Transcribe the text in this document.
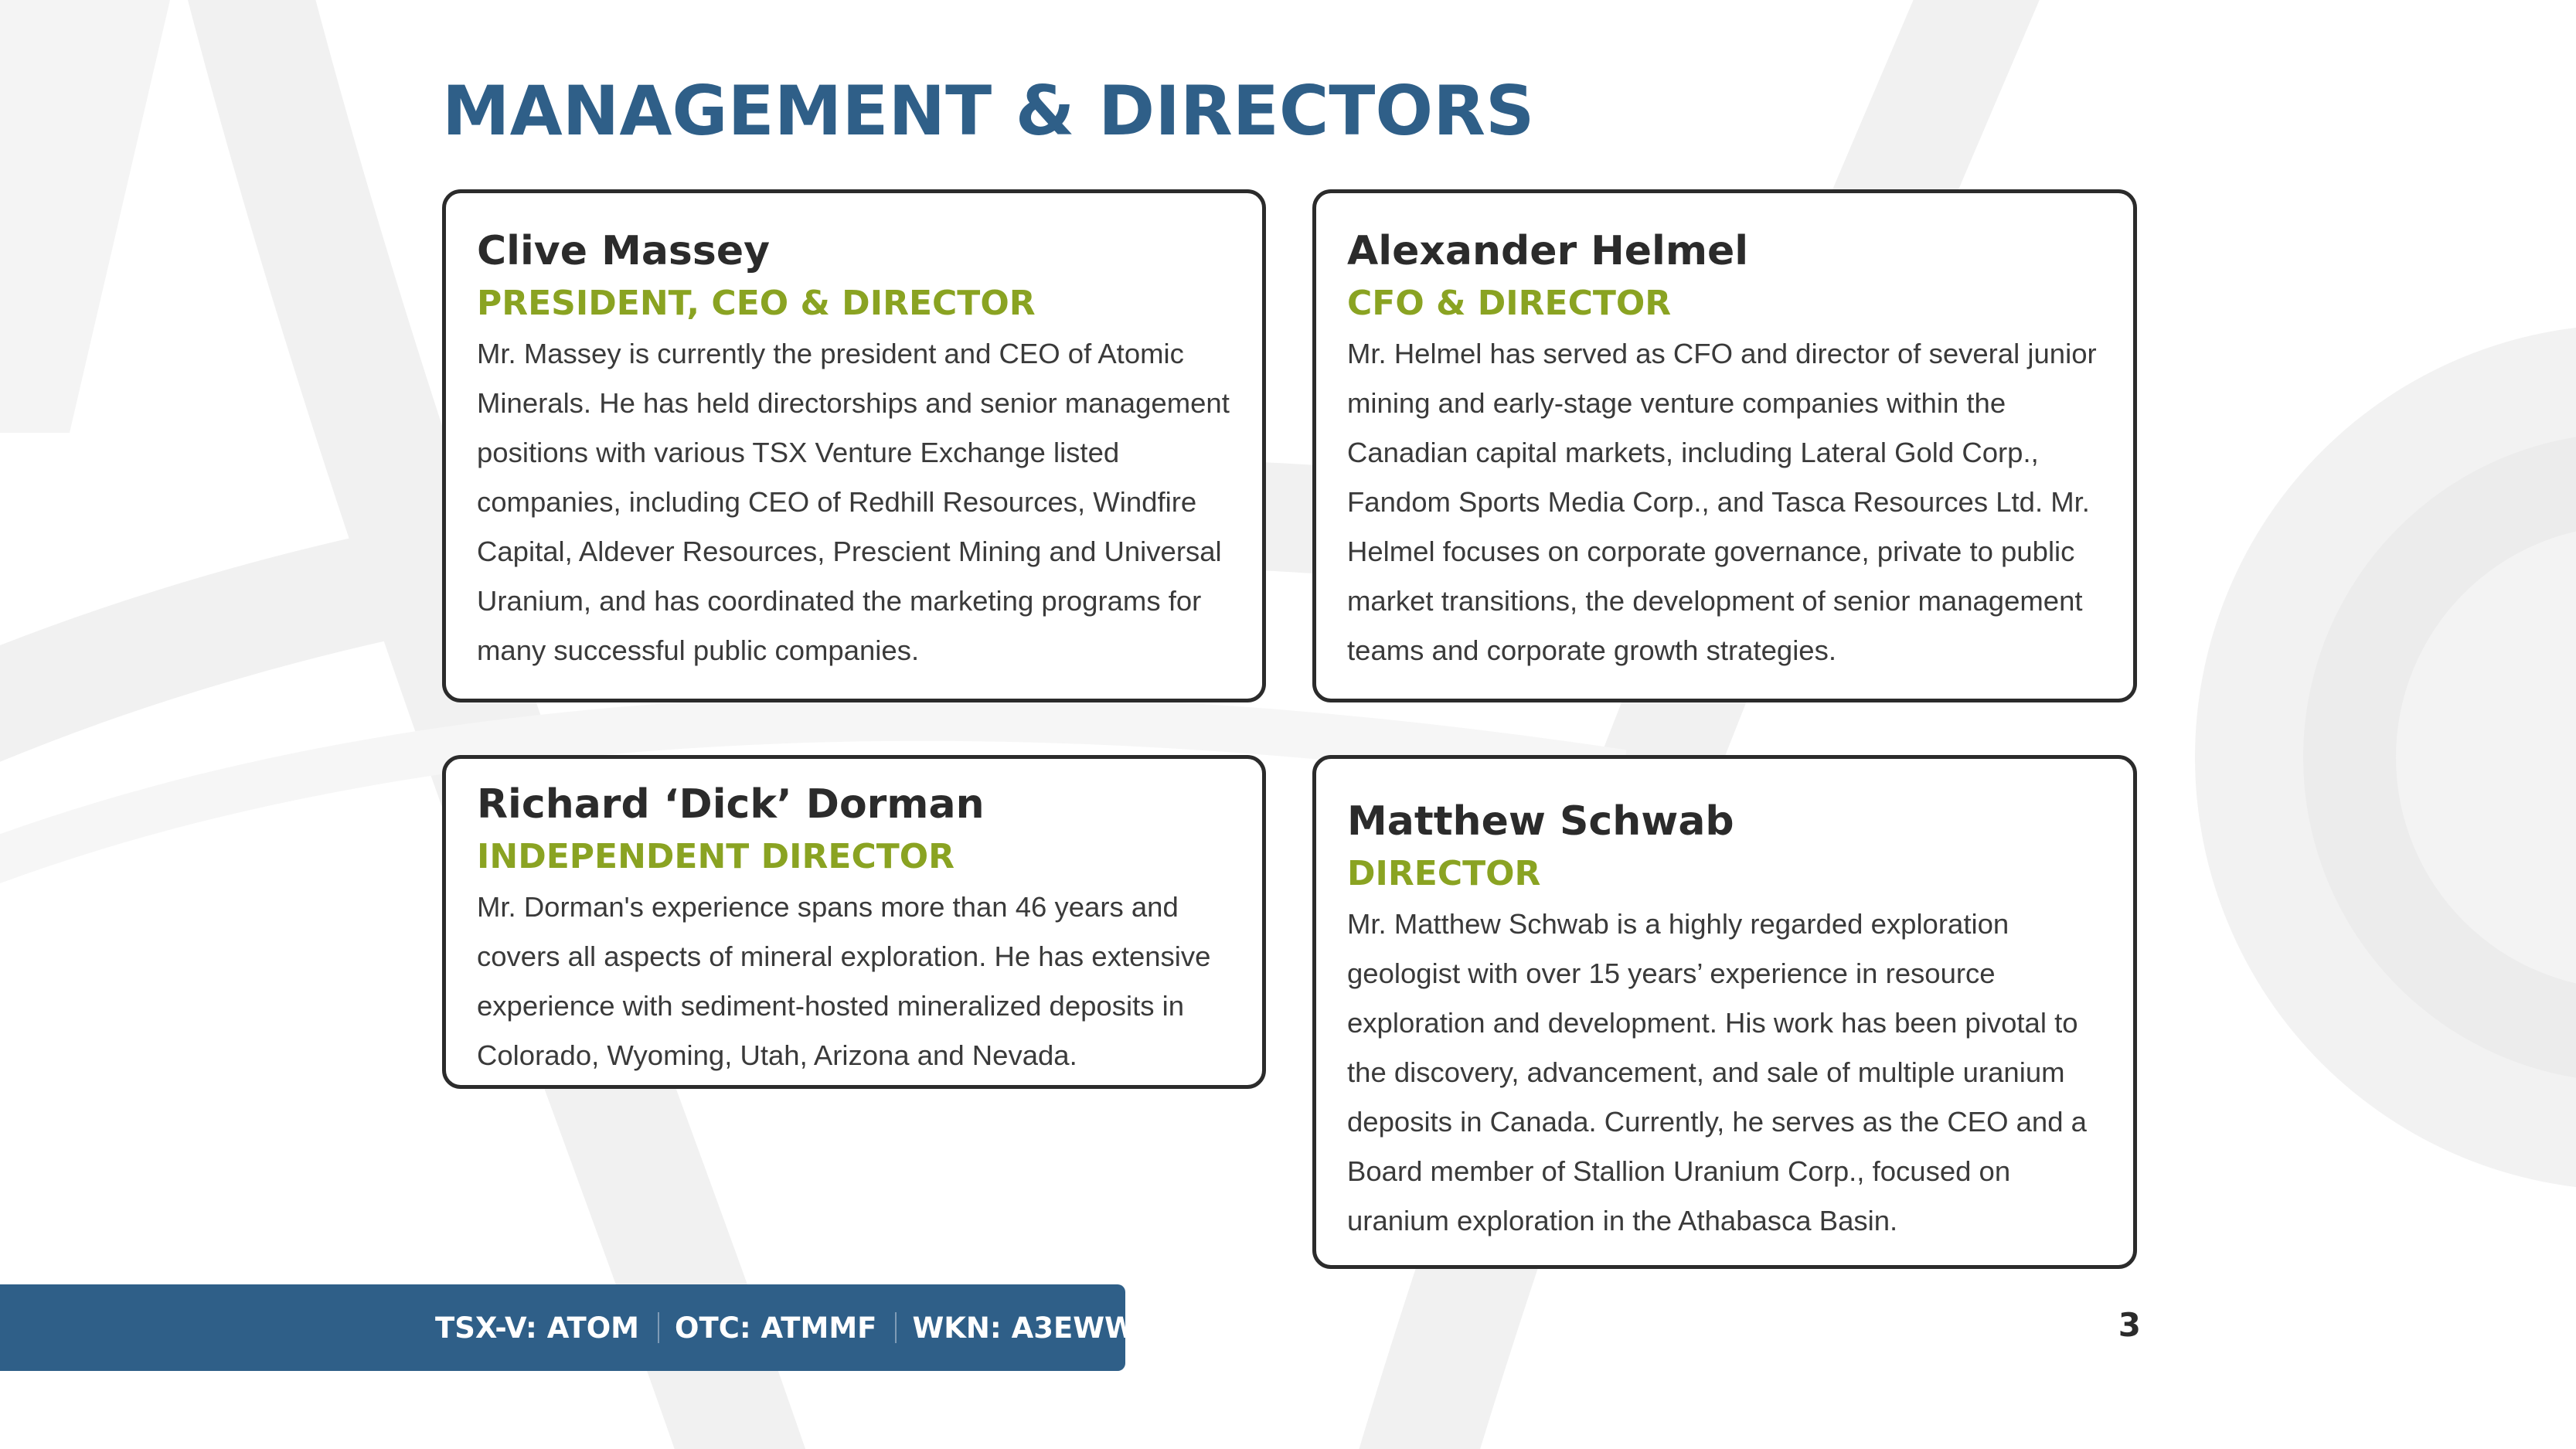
MANAGEMENT & DIRECTORS
Clive Massey
PRESIDENT, CEO & DIRECTOR
Mr. Massey is currently the president and CEO of Atomic Minerals. He has held directorships and senior management positions with various TSX Venture Exchange listed companies, including CEO of Redhill Resources, Windfire Capital, Aldever Resources, Prescient Mining and Universal Uranium, and has coordinated the marketing programs for many successful public companies.
Alexander Helmel
CFO & DIRECTOR
Mr. Helmel has served as CFO and director of several junior mining and early-stage venture companies within the Canadian capital markets, including Lateral Gold Corp., Fandom Sports Media Corp., and Tasca Resources Ltd. Mr. Helmel focuses on corporate governance, private to public market transitions, the development of senior management teams and corporate growth strategies.
Richard ‘Dick’ Dorman
INDEPENDENT DIRECTOR
Mr. Dorman's experience spans more than 46 years and covers all aspects of mineral exploration. He has extensive experience with sediment-hosted mineralized deposits in Colorado, Wyoming, Utah, Arizona and Nevada.
Matthew Schwab
DIRECTOR
Mr. Matthew Schwab is a highly regarded exploration geologist with over 15 years’ experience in resource exploration and development. His work has been pivotal to the discovery, advancement, and sale of multiple uranium deposits in Canada. Currently, he serves as the CEO and a Board member of Stallion Uranium Corp., focused on uranium exploration in the Athabasca Basin.
TSX-V: ATOM OTC: ATMMF WKN: A3EWWR	3
